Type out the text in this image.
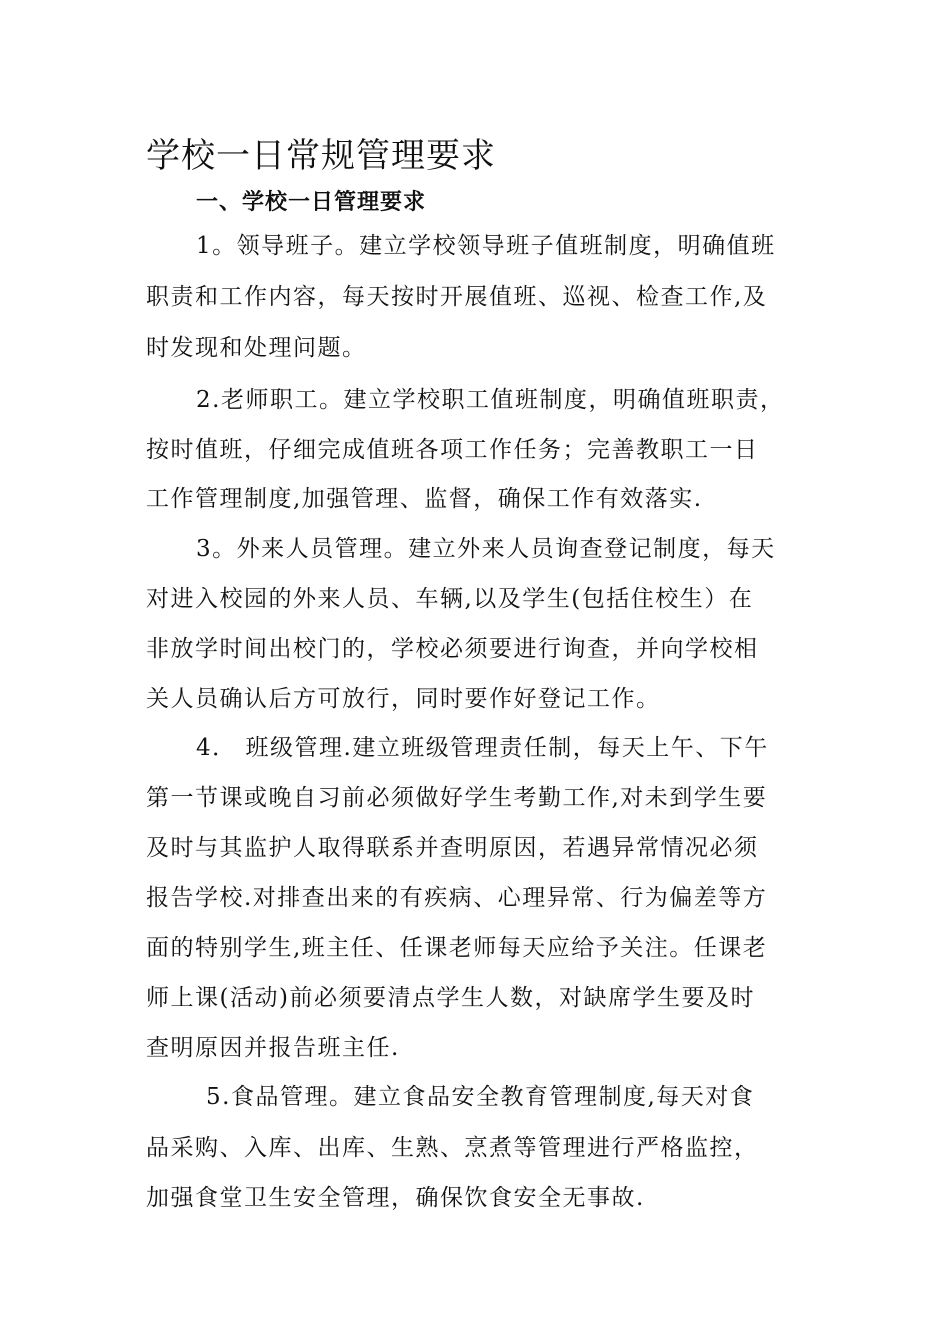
学校一日常规管理要求
一、学校一日管理要求
1。领导班子。建立学校领导班子值班制度，明确值班
职责和工作内容，每天按时开展值班、巡视、检查工作,及
时发现和处理问题。
2.老师职工。建立学校职工值班制度，明确值班职责，
按时值班，仔细完成值班各项工作任务；完善教职工一日
工作管理制度,加强管理、监督，确保工作有效落实.
3。外来人员管理。建立外来人员询查登记制度，每天
对进入校园的外来人员、车辆,以及学生(包括住校生）在
非放学时间出校门的，学校必须要进行询查，并向学校相
关人员确认后方可放行，同时要作好登记工作。
4． 班级管理.建立班级管理责任制，每天上午、下午
第一节课或晚自习前必须做好学生考勤工作,对未到学生要
及时与其监护人取得联系并查明原因，若遇异常情况必须
报告学校.对排查出来的有疾病、心理异常、行为偏差等方
面的特别学生,班主任、任课老师每天应给予关注。任课老
师上课(活动)前必须要清点学生人数，对缺席学生要及时
查明原因并报告班主任.
5.食品管理。建立食品安全教育管理制度,每天对食
品采购、入库、出库、生熟、烹煮等管理进行严格监控，
加强食堂卫生安全管理，确保饮食安全无事故.
